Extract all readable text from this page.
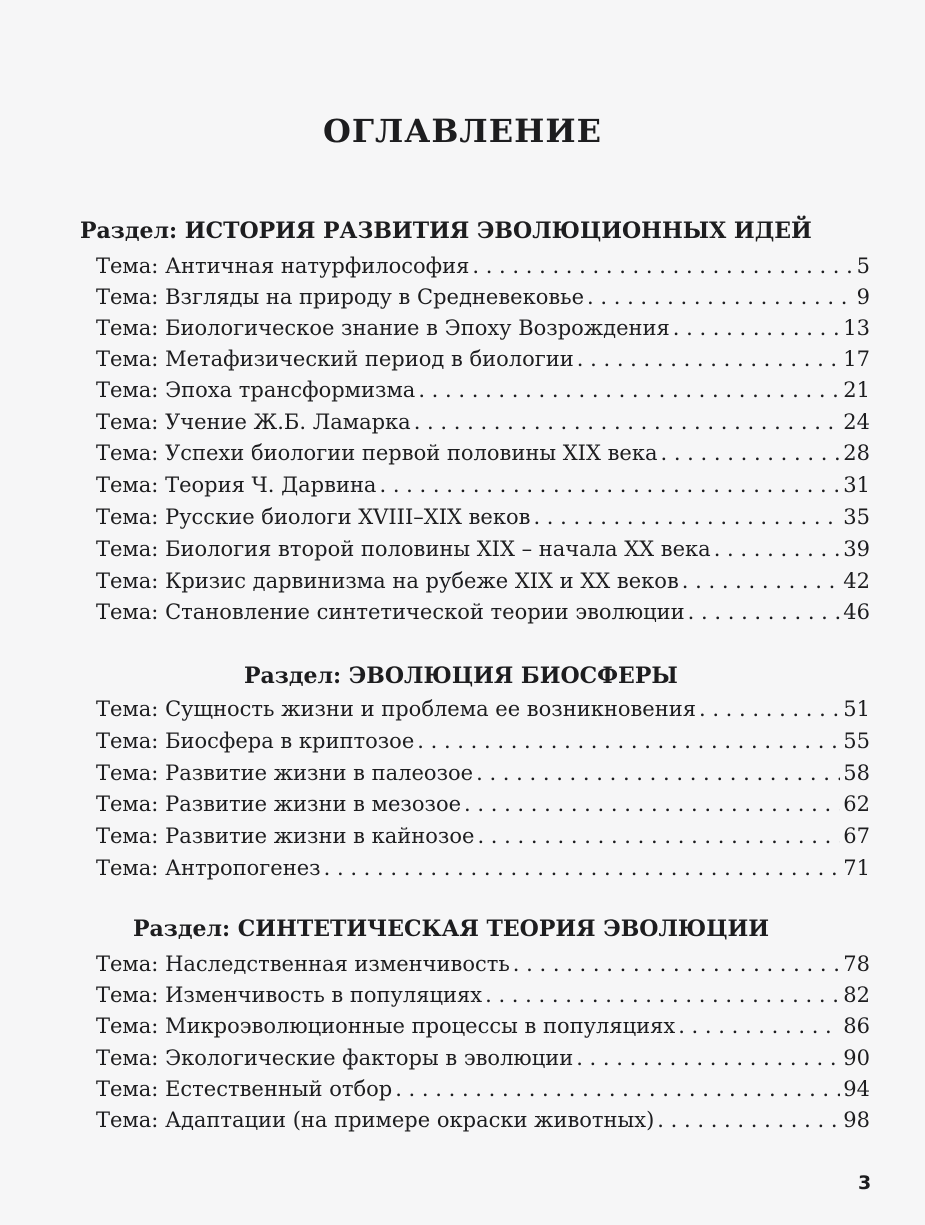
ОГЛАВЛЕНИЕ
Раздел: ИСТОРИЯ РАЗВИТИЯ ЭВОЛЮЦИОННЫХ ИДЕЙ
Тема: Античная натурфилософия . . .	5
Тема: Взгляды на природу в Средневековье . . .	9
Тема: Биологическое знание в Эпоху Возрождения . . .	13
Тема: Метафизический период в биологии . . .	17
Тема: Эпоха трансформизма . . .	21
Тема: Учение Ж.Б. Ламарка . . .	24
Тема: Успехи биологии первой половины XIX века . . .	28
Тема: Теория Ч. Дарвина . . .	31
Тема: Русские биологи XVIII–XIX веков . . .	35
Тема: Биология второй половины XIX – начала XX века . . .	39
Тема: Кризис дарвинизма на рубеже XIX и XX веков . . .	42
Тема: Становление синтетической теории эволюции . . .	46
Раздел: ЭВОЛЮЦИЯ БИОСФЕРЫ
Тема: Сущность жизни и проблема ее возникновения . . .	51
Тема: Биосфера в криптозое . . .	55
Тема: Развитие жизни в палеозое . . .	58
Тема: Развитие жизни в мезозое . . .	62
Тема: Развитие жизни в кайнозое . . .	67
Тема: Антропогенез . . .	71
Раздел: СИНТЕТИЧЕСКАЯ ТЕОРИЯ ЭВОЛЮЦИИ
Тема: Наследственная изменчивость . . .	78
Тема: Изменчивость в популяциях . . .	82
Тема: Микроэволюционные процессы в популяциях . . .	86
Тема: Экологические факторы в эволюции . . .	90
Тема: Естественный отбор . . .	94
Тема: Адаптации (на примере окраски животных) . . .	98
3
